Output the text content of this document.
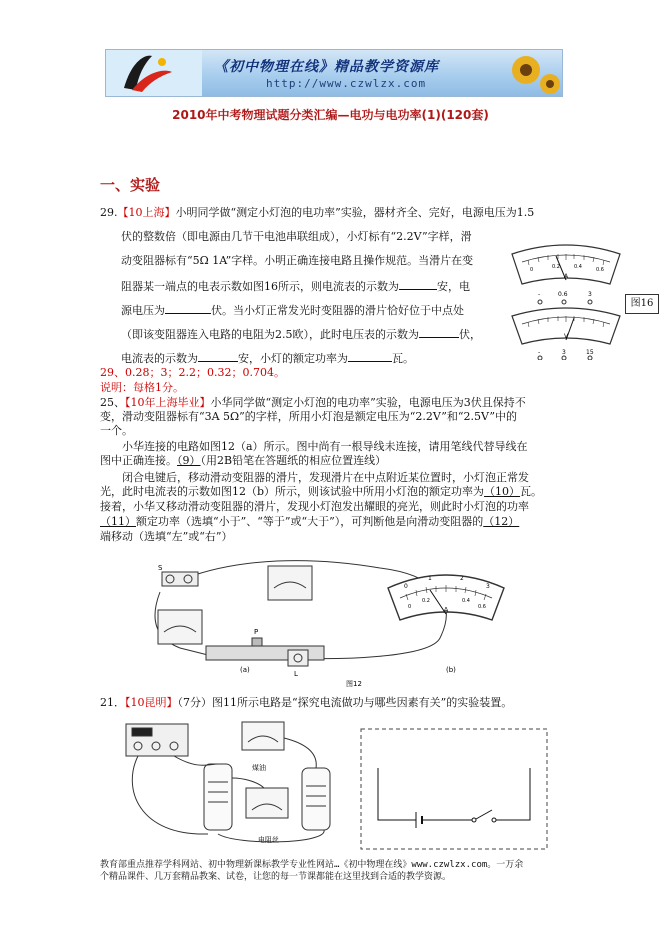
《初中物理在线》精品教学资源库
http://www.czwlzx.com
2010年中考物理试题分类汇编—电功与电功率(1)(120套)
一、实验
29.【10上海】小明同学做“测定小灯泡的电功率”实验，器材齐全、完好，电源电压为1.5
伏的整数倍（即电源由几节干电池串联组成），小灯标有“2.2V”字样，滑
动变阻器标有“5Ω 1A”字样。小明正确连接电路且操作规范。当滑片在变
阻器某一端点的电表示数如图16所示，则电流表的示数为	安，电
源电压为	伏。当小灯正常发光时变阻器的滑片恰好位于中点处
（即该变阻器连入电路的电阻为2.5欧），此时电压表的示数为	伏，
电流表的示数为	安，小灯的额定功率为	瓦。
29、0.28；3；2.2；0.32；0.704。
说明：每格1分。
A
0	0.2	0.4	0.6
-	0.6	3
V
-	3	15
图16
25、【10年上海毕业】小华同学做“测定小灯泡的电功率”实验，电源电压为3伏且保持不
变，滑动变阻器标有“3A 5Ω”的字样，所用小灯泡是额定电压为“2.2V”和“2.5V”中的
一个。
小华连接的电路如图12（a）所示。图中尚有一根导线未连接，请用笔线代替导线在
图中正确连接。（9）（用2B铅笔在答题纸的相应位置连线）
闭合电键后，移动滑动变阻器的滑片，发现滑片在中点附近某位置时，小灯泡正常发
光，此时电流表的示数如图12（b）所示，则该试验中所用小灯泡的额定功率为（10）瓦。
接着，小华又移动滑动变阻器的滑片，发现小灯泡发出耀眼的亮光，则此时小灯泡的功率
（11）额定功率（选填“小于”、“等于”或“大于”），可判断他是向滑动变阻器的（12）
端移动（选填“左”或“右”）
S
P
L
A
0
1	2
3
0
0.2	0.4
0.6
(a)	(b)
图12
21．【10昆明】（7分）图11所示电路是“探究电流做功与哪些因素有关”的实验装置。
煤油
电阻丝
教育部重点推荐学科网站、初中物理新课标教学专业性网站…《初中物理在线》www.czwlzx.com。一万余
个精品课件、几万套精品教案、试卷，让您的每一节课都能在这里找到合适的教学资源。
